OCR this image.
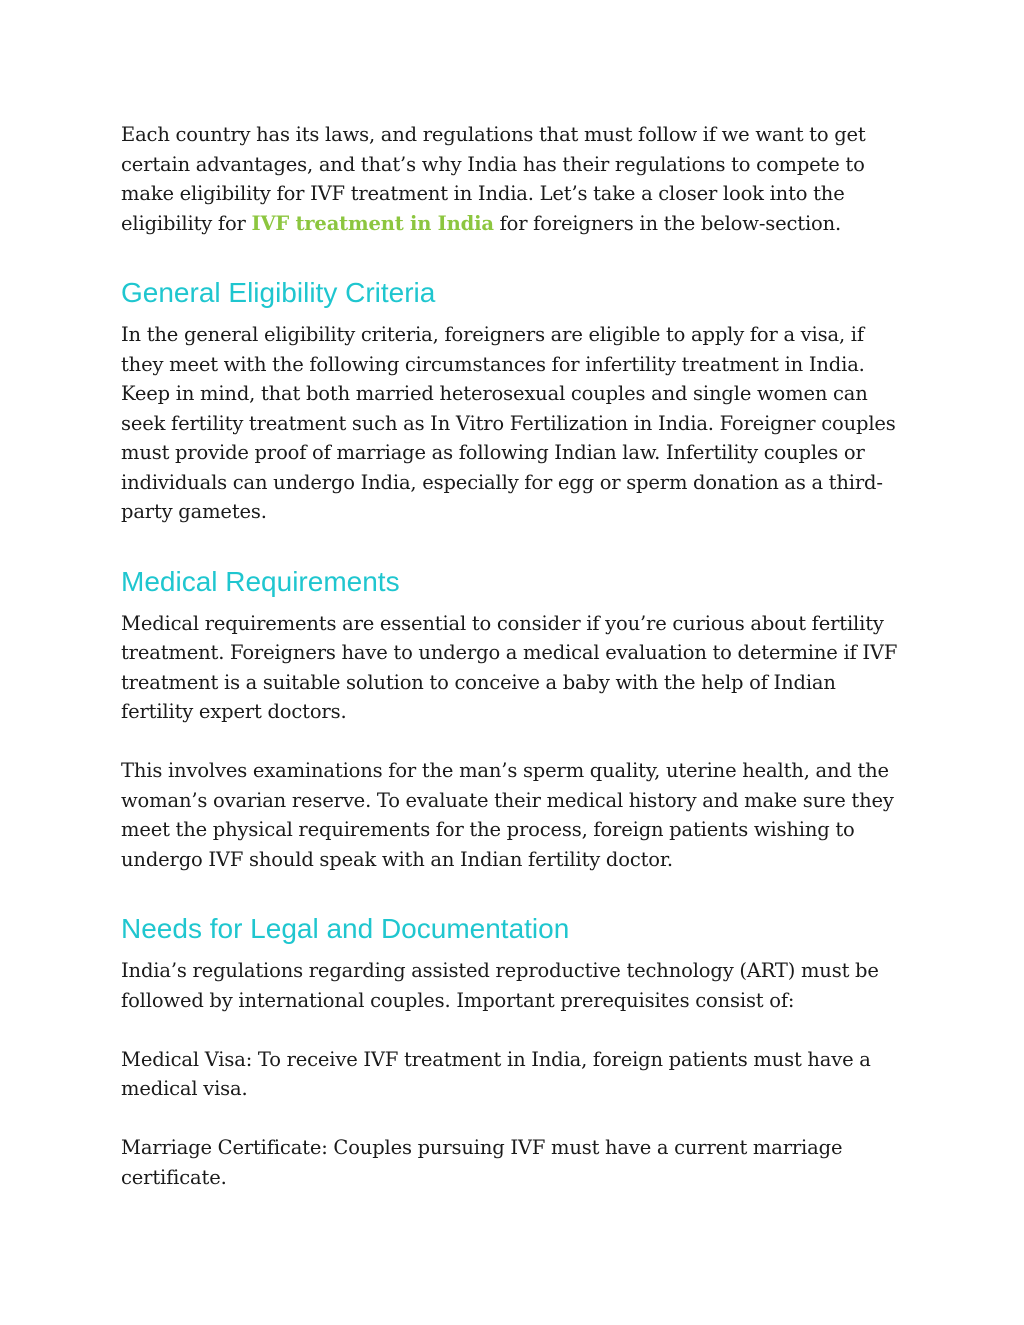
Each country has its laws, and regulations that must follow if we want to get certain advantages, and that’s why India has their regulations to compete to make eligibility for IVF treatment in India. Let’s take a closer look into the eligibility for IVF treatment in India for foreigners in the below-section.

General Eligibility Criteria

In the general eligibility criteria, foreigners are eligible to apply for a visa, if they meet with the following circumstances for infertility treatment in India. Keep in mind, that both married heterosexual couples and single women can seek fertility treatment such as In Vitro Fertilization in India. Foreigner couples must provide proof of marriage as following Indian law. Infertility couples or individuals can undergo India, especially for egg or sperm donation as a third-party gametes.

Medical Requirements

Medical requirements are essential to consider if you’re curious about fertility treatment. Foreigners have to undergo a medical evaluation to determine if IVF treatment is a suitable solution to conceive a baby with the help of Indian fertility expert doctors.

This involves examinations for the man’s sperm quality, uterine health, and the woman’s ovarian reserve. To evaluate their medical history and make sure they meet the physical requirements for the process, foreign patients wishing to undergo IVF should speak with an Indian fertility doctor.

Needs for Legal and Documentation

India’s regulations regarding assisted reproductive technology (ART) must be followed by international couples. Important prerequisites consist of:

Medical Visa: To receive IVF treatment in India, foreign patients must have a medical visa.

Marriage Certificate: Couples pursuing IVF must have a current marriage certificate.
